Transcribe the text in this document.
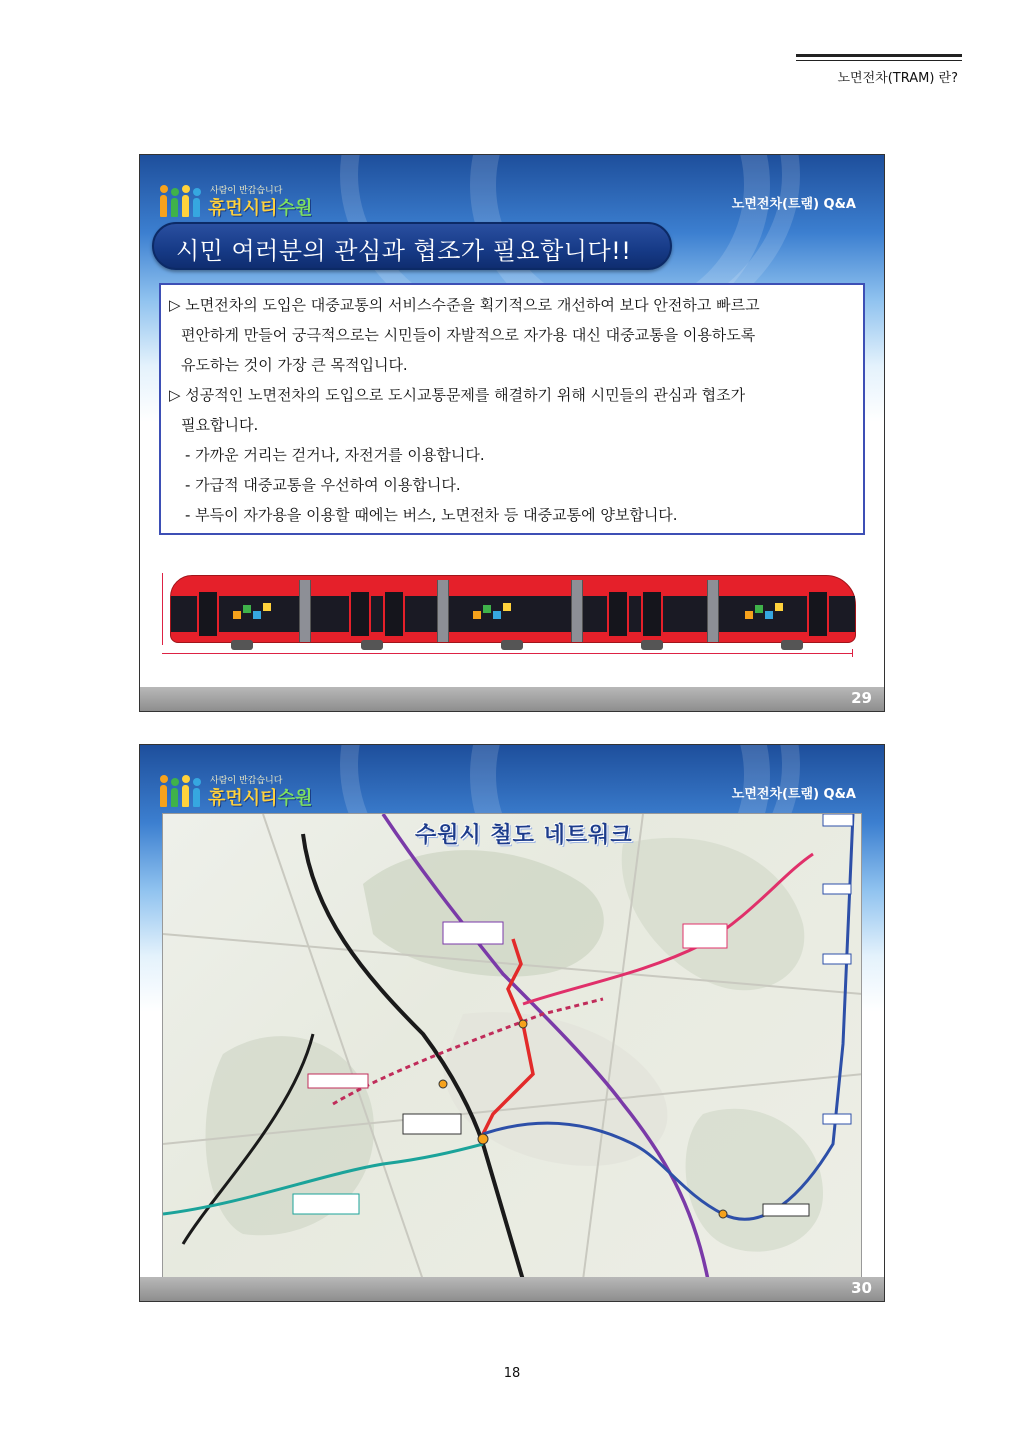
노면전차(TRAM) 란?
사람이 반갑습니다
휴먼시티수원	노면전차(트램) Q&A
시민 여러분의 관심과 협조가 필요합니다!!
▷ 노면전차의 도입은 대중교통의 서비스수준을 획기적으로 개선하여 보다 안전하고 빠르고
편안하게 만들어 궁극적으로는 시민들이 자발적으로 자가용 대신 대중교통을 이용하도록
유도하는 것이 가장 큰 목적입니다.
▷ 성공적인 노면전차의 도입으로 도시교통문제를 해결하기 위해 시민들의 관심과 협조가
필요합니다.
- 가까운 거리는 걷거나, 자전거를 이용합니다.
- 가급적 대중교통을 우선하여 이용합니다.
- 부득이 자가용을 이용할 때에는 버스, 노면전차 등 대중교통에 양보합니다.
29
사람이 반갑습니다
휴먼시티수원	노면전차(트램) Q&A
수원시 철도 네트워크
30
18
